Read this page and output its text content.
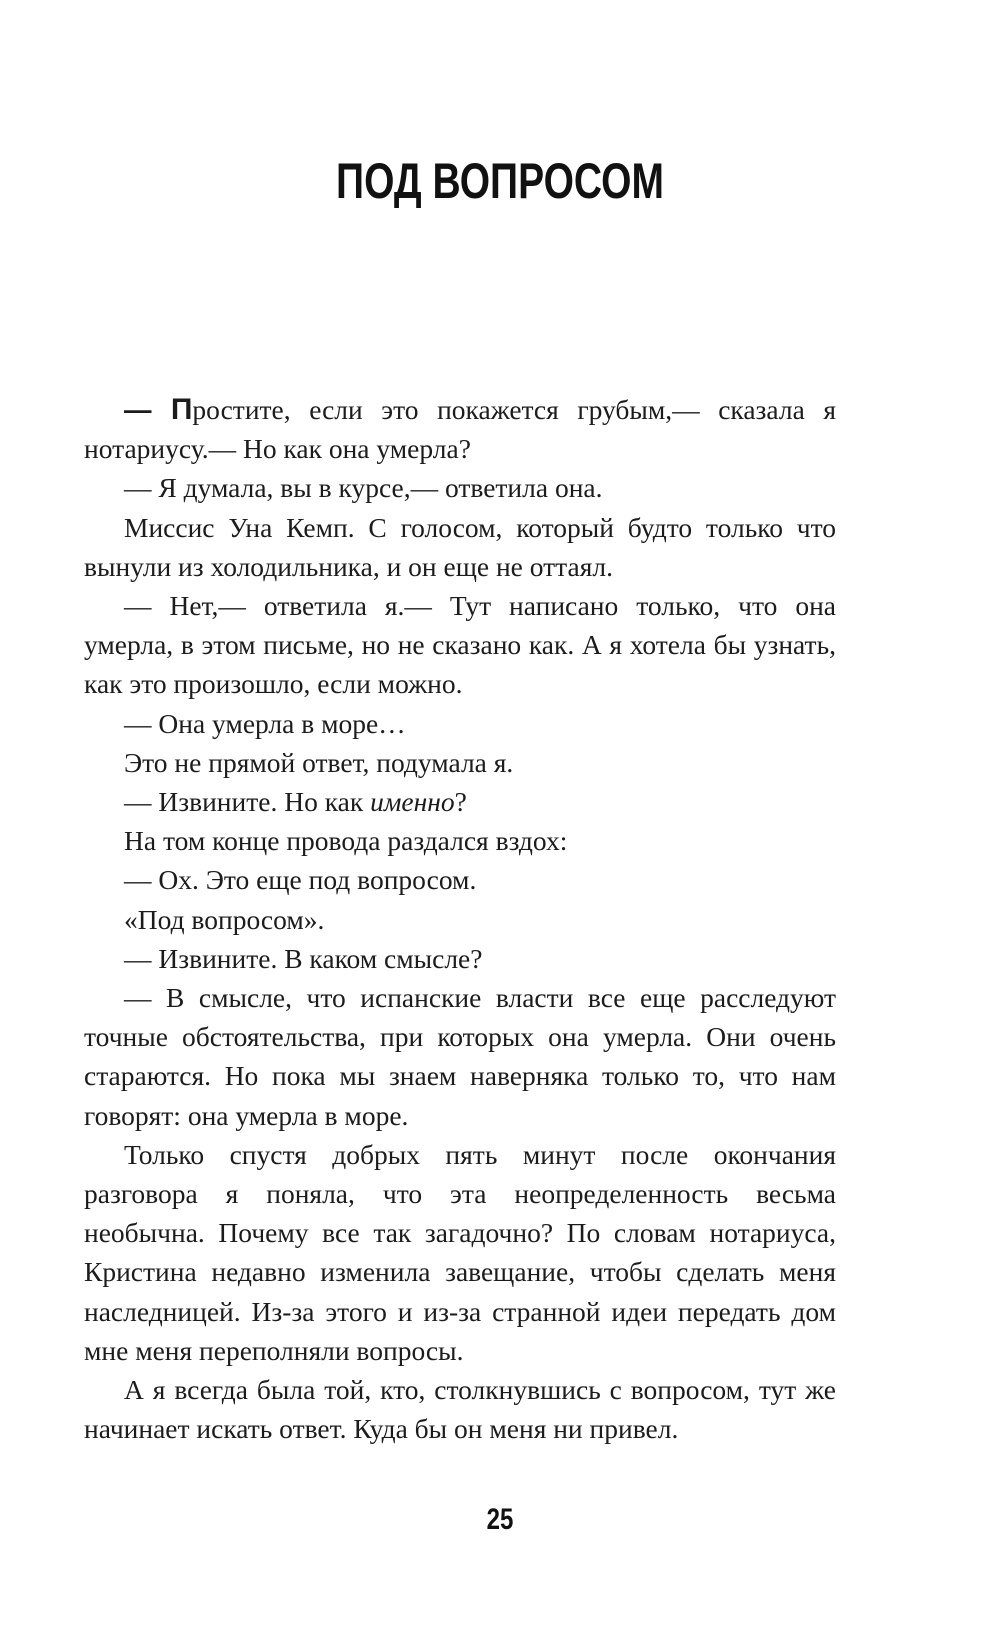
ПОД ВОПРОСОМ

— Простите, если это покажется грубым,— сказала я нотариусу.— Но как она умерла?

— Я думала, вы в курсе,— ответила она.

Миссис Уна Кемп. С голосом, который будто только что вынули из холодильника, и он еще не оттаял.

— Нет,— ответила я.— Тут написано только, что она умерла, в этом письме, но не сказано как. А я хотела бы узнать, как это произошло, если можно.

— Она умерла в море…

Это не прямой ответ, подумала я.

— Извините. Но как именно?

На том конце провода раздался вздох:

— Ох. Это еще под вопросом.

«Под вопросом».

— Извините. В каком смысле?

— В смысле, что испанские власти все еще расследуют точные обстоятельства, при которых она умерла. Они очень стараются. Но пока мы знаем наверняка только то, что нам говорят: она умерла в море.

Только спустя добрых пять минут после окончания разговора я поняла, что эта неопределенность весьма необычна. Почему все так загадочно? По словам нотариуса, Кристина недавно изменила завещание, чтобы сделать меня наследницей. Из-за этого и из-за странной идеи передать дом мне меня переполняли вопросы.

А я всегда была той, кто, столкнувшись с вопросом, тут же начинает искать ответ. Куда бы он меня ни привел.

25
